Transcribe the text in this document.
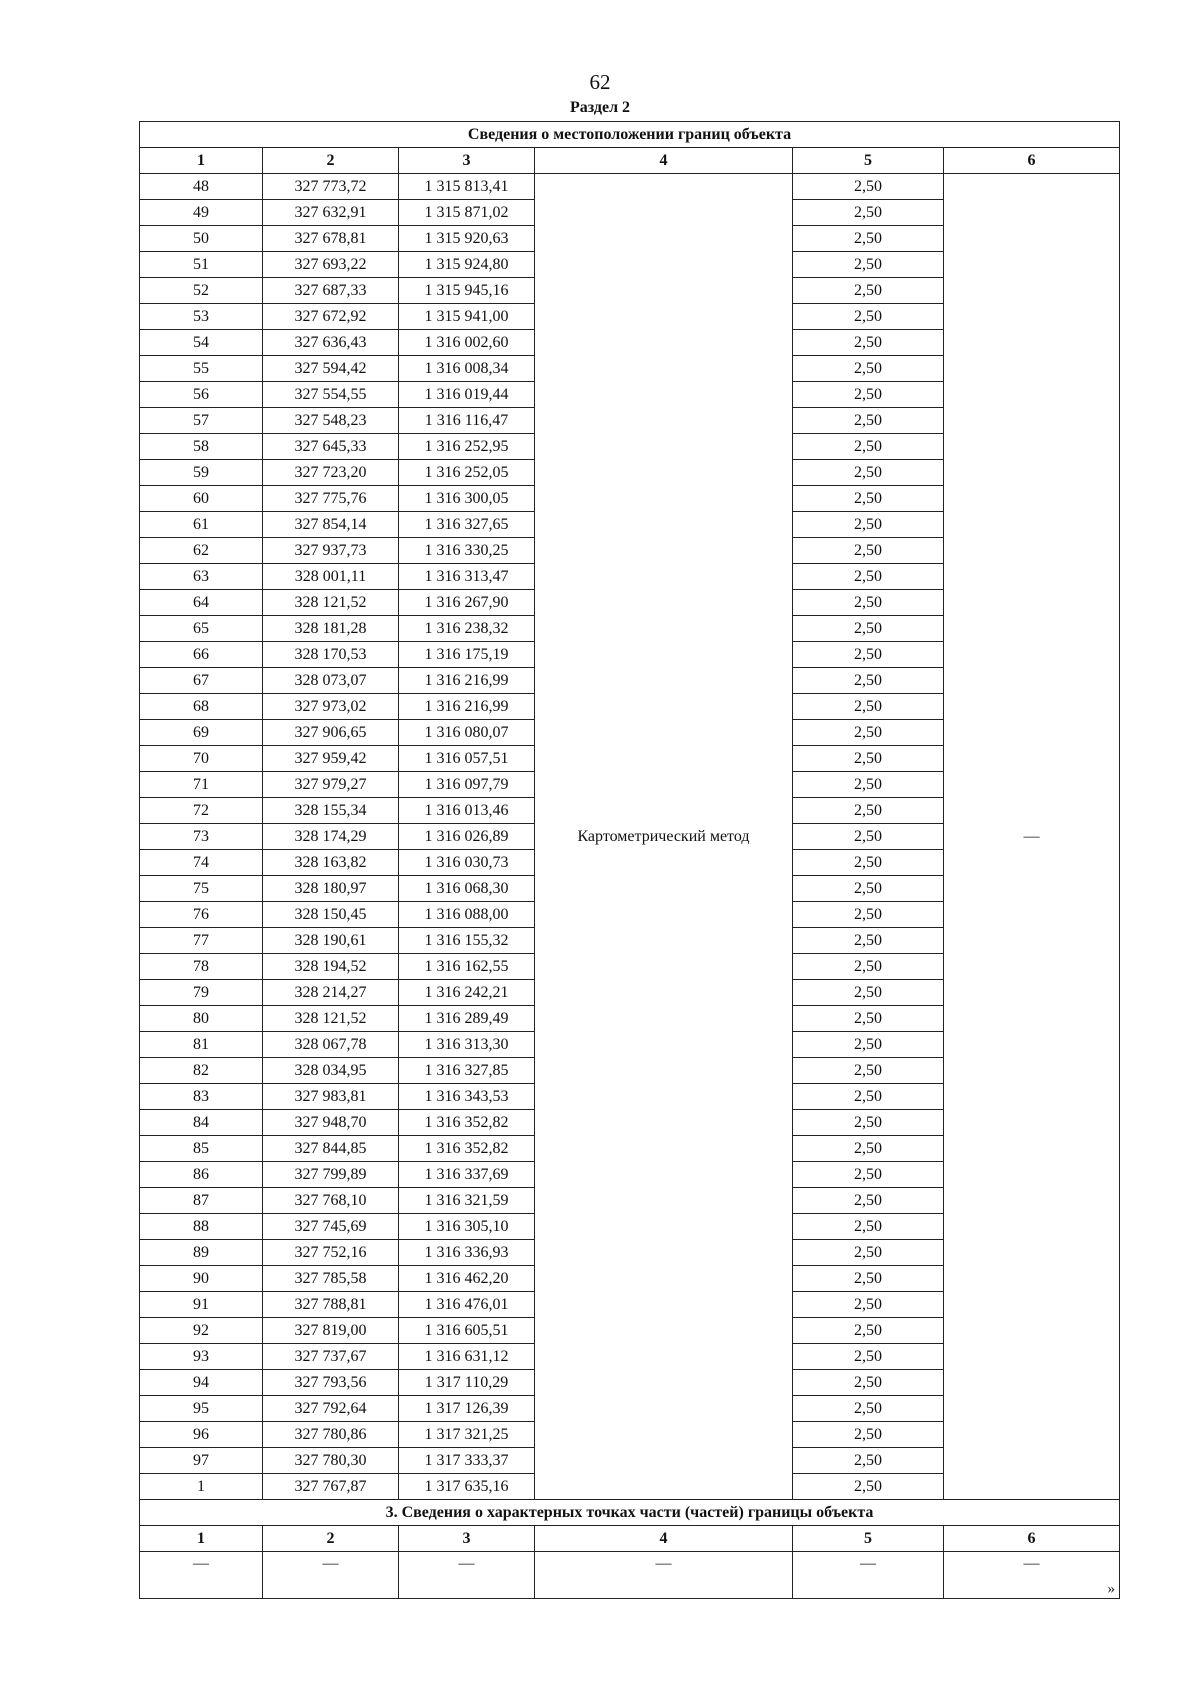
62
Раздел 2
Сведения о местоположении границ объекта					
1	2	3	4	5	6
48	327 773,72	1 315 813,41	Картометрический метод	2,50	—
49	327 632,91	1 315 871,02		2,50	
50	327 678,81	1 315 920,63		2,50	
51	327 693,22	1 315 924,80		2,50	
52	327 687,33	1 315 945,16		2,50	
53	327 672,92	1 315 941,00		2,50	
54	327 636,43	1 316 002,60		2,50	
55	327 594,42	1 316 008,34		2,50	
56	327 554,55	1 316 019,44		2,50	
57	327 548,23	1 316 116,47		2,50	
58	327 645,33	1 316 252,95		2,50	
59	327 723,20	1 316 252,05		2,50	
60	327 775,76	1 316 300,05		2,50	
61	327 854,14	1 316 327,65		2,50	
62	327 937,73	1 316 330,25		2,50	
63	328 001,11	1 316 313,47		2,50	
64	328 121,52	1 316 267,90		2,50	
65	328 181,28	1 316 238,32		2,50	
66	328 170,53	1 316 175,19		2,50	
67	328 073,07	1 316 216,99		2,50	
68	327 973,02	1 316 216,99		2,50	
69	327 906,65	1 316 080,07		2,50	
70	327 959,42	1 316 057,51		2,50	
71	327 979,27	1 316 097,79		2,50	
72	328 155,34	1 316 013,46		2,50	
73	328 174,29	1 316 026,89		2,50	
74	328 163,82	1 316 030,73		2,50	
75	328 180,97	1 316 068,30		2,50	
76	328 150,45	1 316 088,00		2,50	
77	328 190,61	1 316 155,32		2,50	
78	328 194,52	1 316 162,55		2,50	
79	328 214,27	1 316 242,21		2,50	
80	328 121,52	1 316 289,49		2,50	
81	328 067,78	1 316 313,30		2,50	
82	328 034,95	1 316 327,85		2,50	
83	327 983,81	1 316 343,53		2,50	
84	327 948,70	1 316 352,82		2,50	
85	327 844,85	1 316 352,82		2,50	
86	327 799,89	1 316 337,69		2,50	
87	327 768,10	1 316 321,59		2,50	
88	327 745,69	1 316 305,10		2,50	
89	327 752,16	1 316 336,93		2,50	
90	327 785,58	1 316 462,20		2,50	
91	327 788,81	1 316 476,01		2,50	
92	327 819,00	1 316 605,51		2,50	
93	327 737,67	1 316 631,12		2,50	
94	327 793,56	1 317 110,29		2,50	
95	327 792,64	1 317 126,39		2,50	
96	327 780,86	1 317 321,25		2,50	
97	327 780,30	1 317 333,37		2,50	
1	327 767,87	1 317 635,16		2,50	
3. Сведения о характерных точках части (частей) границы объекта					
1	2	3	4	5	6

—	—	—	—	—	—
»
